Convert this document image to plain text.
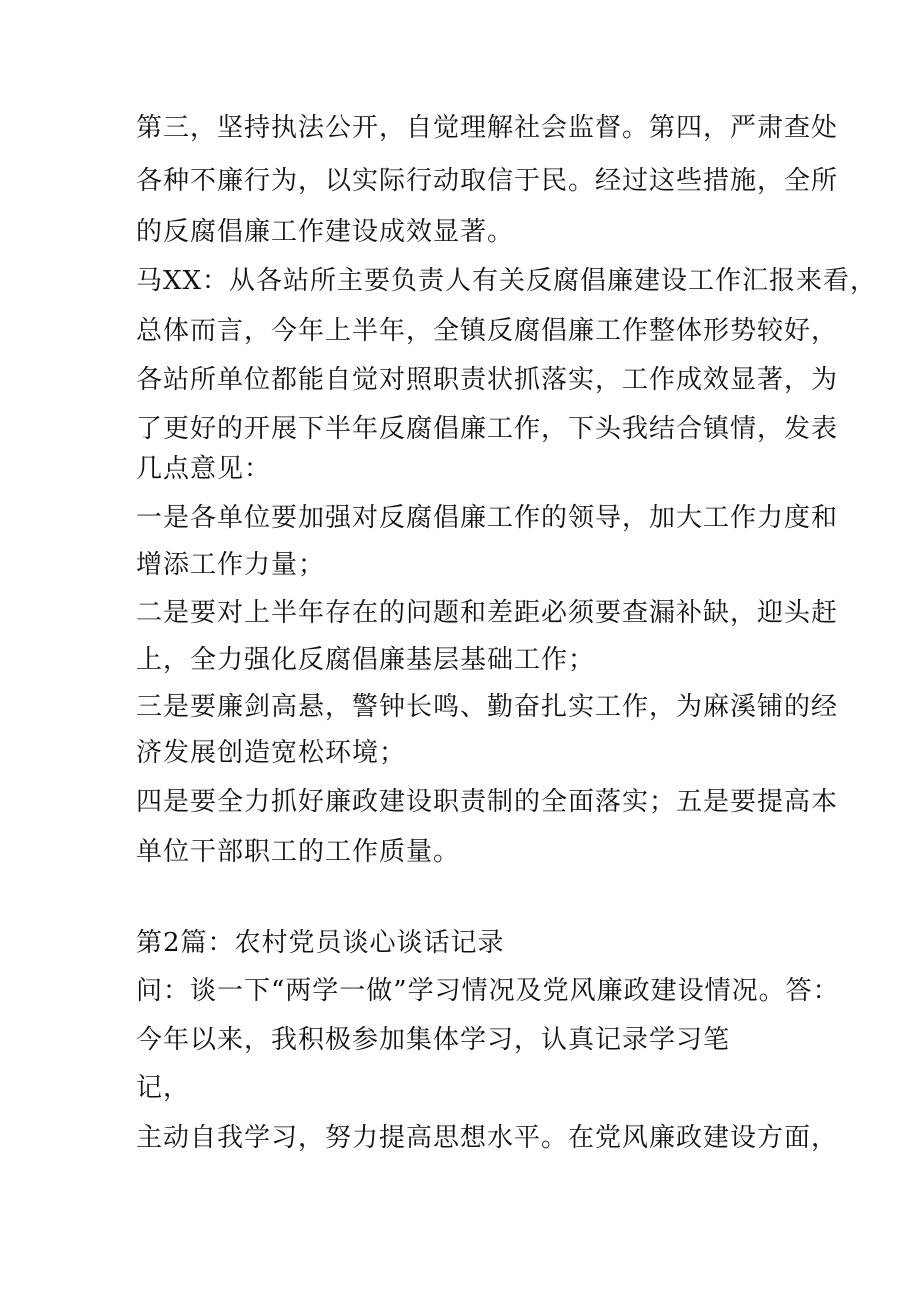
第三，坚持执法公开，自觉理解社会监督。第四，严肃查处

各种不廉行为，以实际行动取信于民。经过这些措施，全所

的反腐倡廉工作建设成效显著。

马XX：从各站所主要负责人有关反腐倡廉建设工作汇报来看，

总体而言，今年上半年，全镇反腐倡廉工作整体形势较好，

各站所单位都能自觉对照职责状抓落实，工作成效显著，为

了更好的开展下半年反腐倡廉工作，下头我结合镇情，发表

几点意见：

一是各单位要加强对反腐倡廉工作的领导，加大工作力度和

增添工作力量；

二是要对上半年存在的问题和差距必须要查漏补缺，迎头赶

上，全力强化反腐倡廉基层基础工作；

三是要廉剑高悬，警钟长鸣、勤奋扎实工作，为麻溪铺的经

济发展创造宽松环境；

四是要全力抓好廉政建设职责制的全面落实；五是要提高本

单位干部职工的工作质量。

第2篇：农村党员谈心谈话记录

问：谈一下“两学一做”学习情况及党风廉政建设情况。答：

今年以来，我积极参加集体学习，认真记录学习笔

记，

主动自我学习，努力提高思想水平。在党风廉政建设方面，
